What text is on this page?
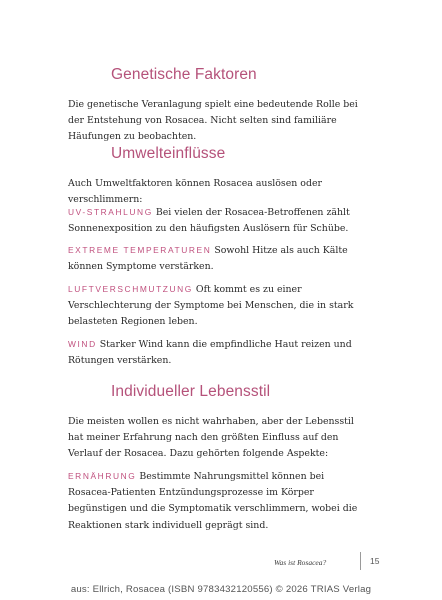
Genetische Faktoren

Die genetische Veranlagung spielt eine bedeutende Rolle bei der Entstehung von Rosacea. Nicht selten sind familiäre Häufungen zu beobachten.

Umwelteinflüsse

Auch Umweltfaktoren können Rosacea auslösen oder verschlimmern:

UV-STRAHLUNG Bei vielen der Rosacea-Betroffenen zählt Sonnenexposition zu den häufigsten Auslösern für Schübe.

EXTREME TEMPERATUREN Sowohl Hitze als auch Kälte können Symptome verstärken.

LUFTVERSCHMUTZUNG Oft kommt es zu einer Verschlechterung der Symptome bei Menschen, die in stark belasteten Regionen leben.

WIND Starker Wind kann die empfindliche Haut reizen und Rötungen verstärken.

Individueller Lebensstil

Die meisten wollen es nicht wahrhaben, aber der Lebensstil hat meiner Erfahrung nach den größten Einfluss auf den Verlauf der Rosacea. Dazu gehörten folgende Aspekte:

ERNÄHRUNG Bestimmte Nahrungsmittel können bei Rosacea-Patienten Entzündungsprozesse im Körper begünstigen und die Symptomatik verschlimmern, wobei die Reaktionen stark individuell geprägt sind.

Was ist Rosacea?	15
aus: Ellrich, Rosacea (ISBN 9783432120556) © 2026 TRIAS Verlag
